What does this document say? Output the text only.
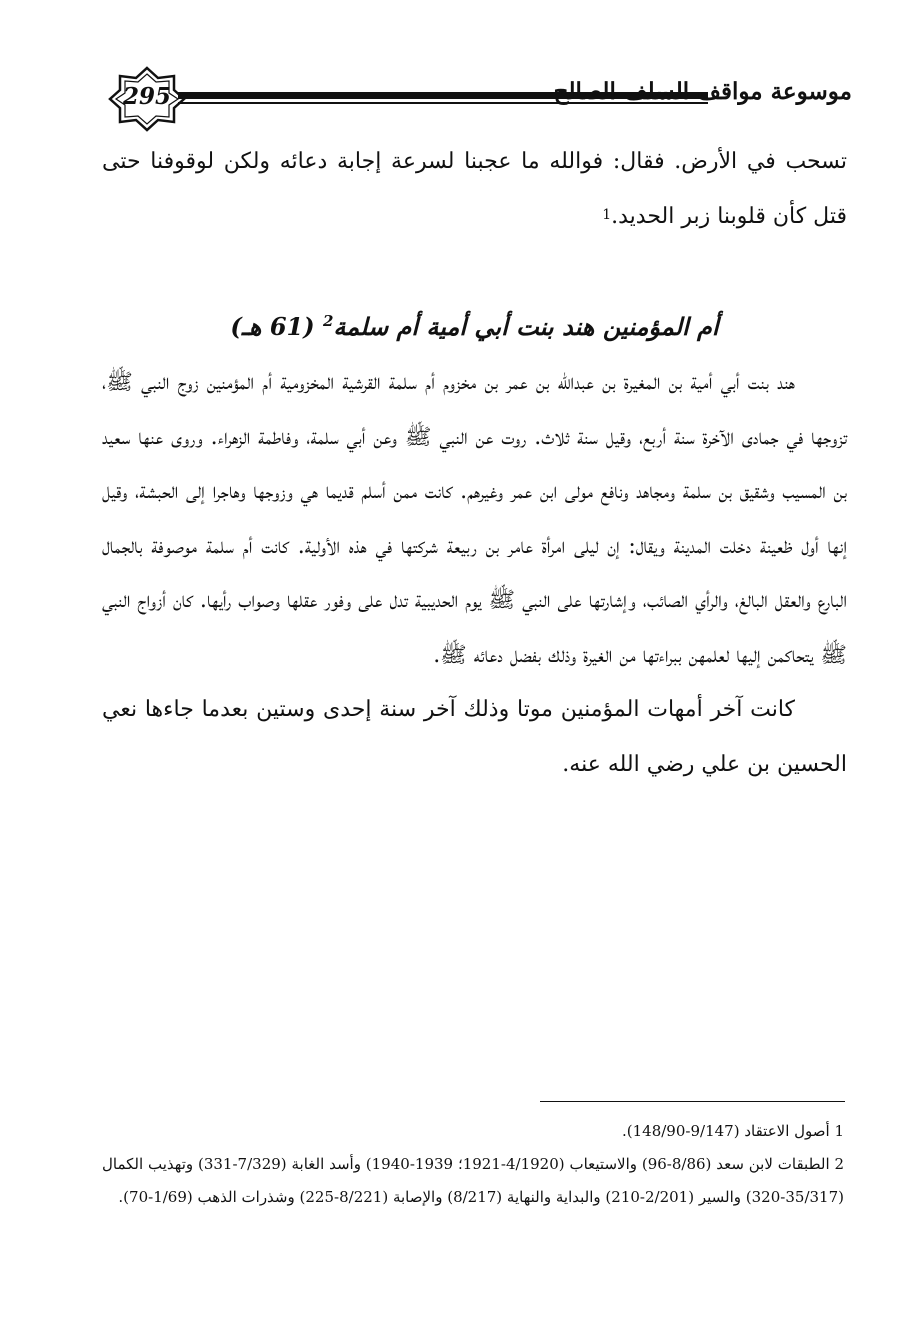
295	موسوعة مواقف السلف الصالح

تسحب في الأرض. فقال: فوالله ما عجبنا لسرعة إجابة دعائه ولكن لوقوفنا حتى قتل كأن قلوبنا زبر الحديد.$^1$

أم المؤمنين هند بنت أبي أمية أم سلمة$^2$ (61 هـ)

هند بنت أبي أمية بن المغيرة بن عبدالله بن عمر بن مخزوم أم سلمة القرشية المخزومية أم المؤمنين زوج النبي ﷺ، تزوجها في جمادى الآخرة سنة أربع، وقيل سنة ثلاث. روت عن النبي ﷺ وعن أبي سلمة، وفاطمة الزهراء. وروى عنها سعيد بن المسيب وشقيق بن سلمة ومجاهد ونافع مولى ابن عمر وغيرهم. كانت ممن أسلم قديما هي وزوجها وهاجرا إلى الحبشة، وقيل إنها أول ظعينة دخلت المدينة ويقال: إن ليلى امرأة عامر بن ربيعة شركتها في هذه الأولية. كانت أم سلمة موصوفة بالجمال البارع والعقل البالغ، والرأي الصائب، وإشارتها على النبي ﷺ يوم الحديبية تدل على وفور عقلها وصواب رأيها. كان أزواج النبي ﷺ يتحاكمن إليها لعلمهن ببراءتها من الغيرة وذلك بفضل دعائه ﷺ.

كانت آخر أمهات المؤمنين موتا وذلك آخر سنة إحدى وستين بعدما جاءها نعي الحسين بن علي رضي الله عنه.

1 أصول الاعتقاد (9/147-148/90).

2 الطبقات لابن سعد (8/86-96) والاستيعاب (4/1920-1921؛ 1939-1940) وأسد الغابة (7/329-331) وتهذيب الكمال (35/317-320) والسير (2/201-210) والبداية والنهاية (8/217) والإصابة (8/221-225) وشذرات الذهب (1/69-70).
